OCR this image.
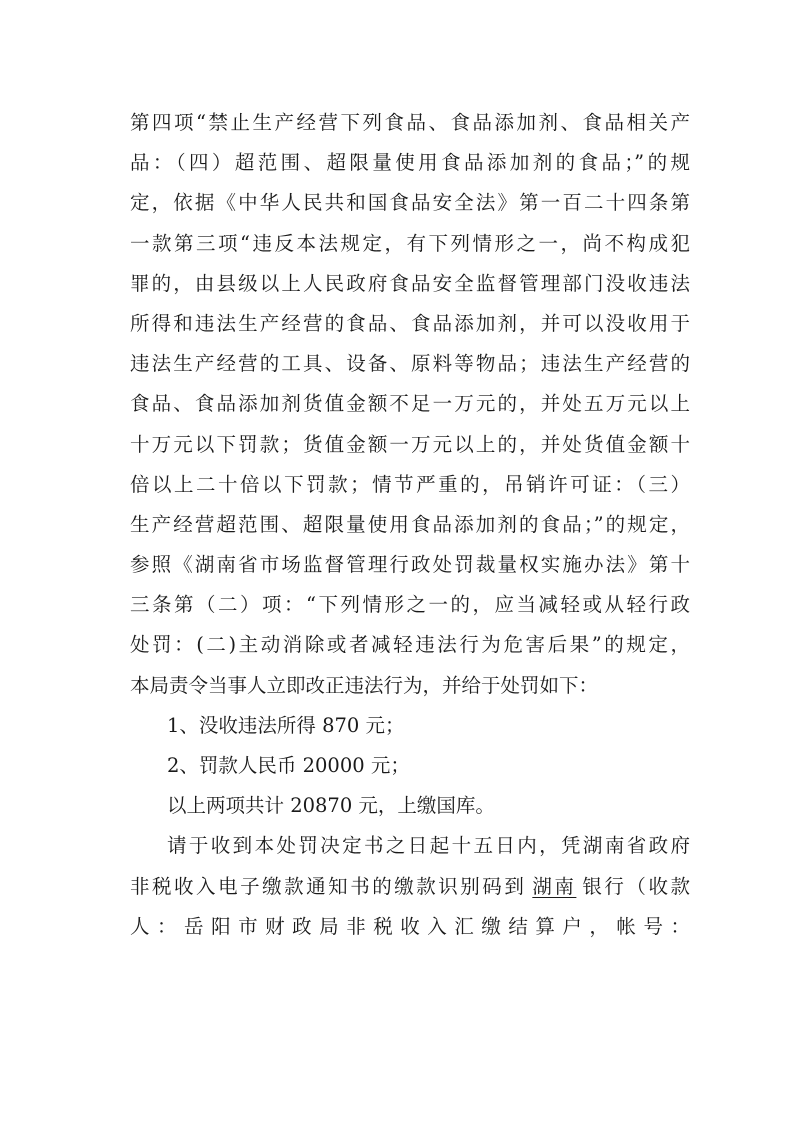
第四项“禁止生产经营下列食品、食品添加剂、食品相关产
品：（四）超范围、超限量使用食品添加剂的食品；”的规
定，依据《中华人民共和国食品安全法》第一百二十四条第
一款第三项“违反本法规定，有下列情形之一，尚不构成犯
罪的，由县级以上人民政府食品安全监督管理部门没收违法
所得和违法生产经营的食品、食品添加剂，并可以没收用于
违法生产经营的工具、设备、原料等物品；违法生产经营的
食品、食品添加剂货值金额不足一万元的，并处五万元以上
十万元以下罚款；货值金额一万元以上的，并处货值金额十
倍以上二十倍以下罚款；情节严重的，吊销许可证：（三）
生产经营超范围、超限量使用食品添加剂的食品；”的规定，
参照《湖南省市场监督管理行政处罚裁量权实施办法》第十
三条第（二）项：“下列情形之一的，应当减轻或从轻行政
处罚：(二)主动消除或者减轻违法行为危害后果”的规定，
本局责令当事人立即改正违法行为，并给于处罚如下：
1、没收违法所得 870 元；
2、罚款人民币 20000 元；
以上两项共计 20870 元，上缴国库。
请于收到本处罚决定书之日起十五日内，凭湖南省政府
非税收入电子缴款通知书的缴款识别码到 湖南 银行（收款
人：岳阳市财政局非税收入汇缴结算户，帐号：
